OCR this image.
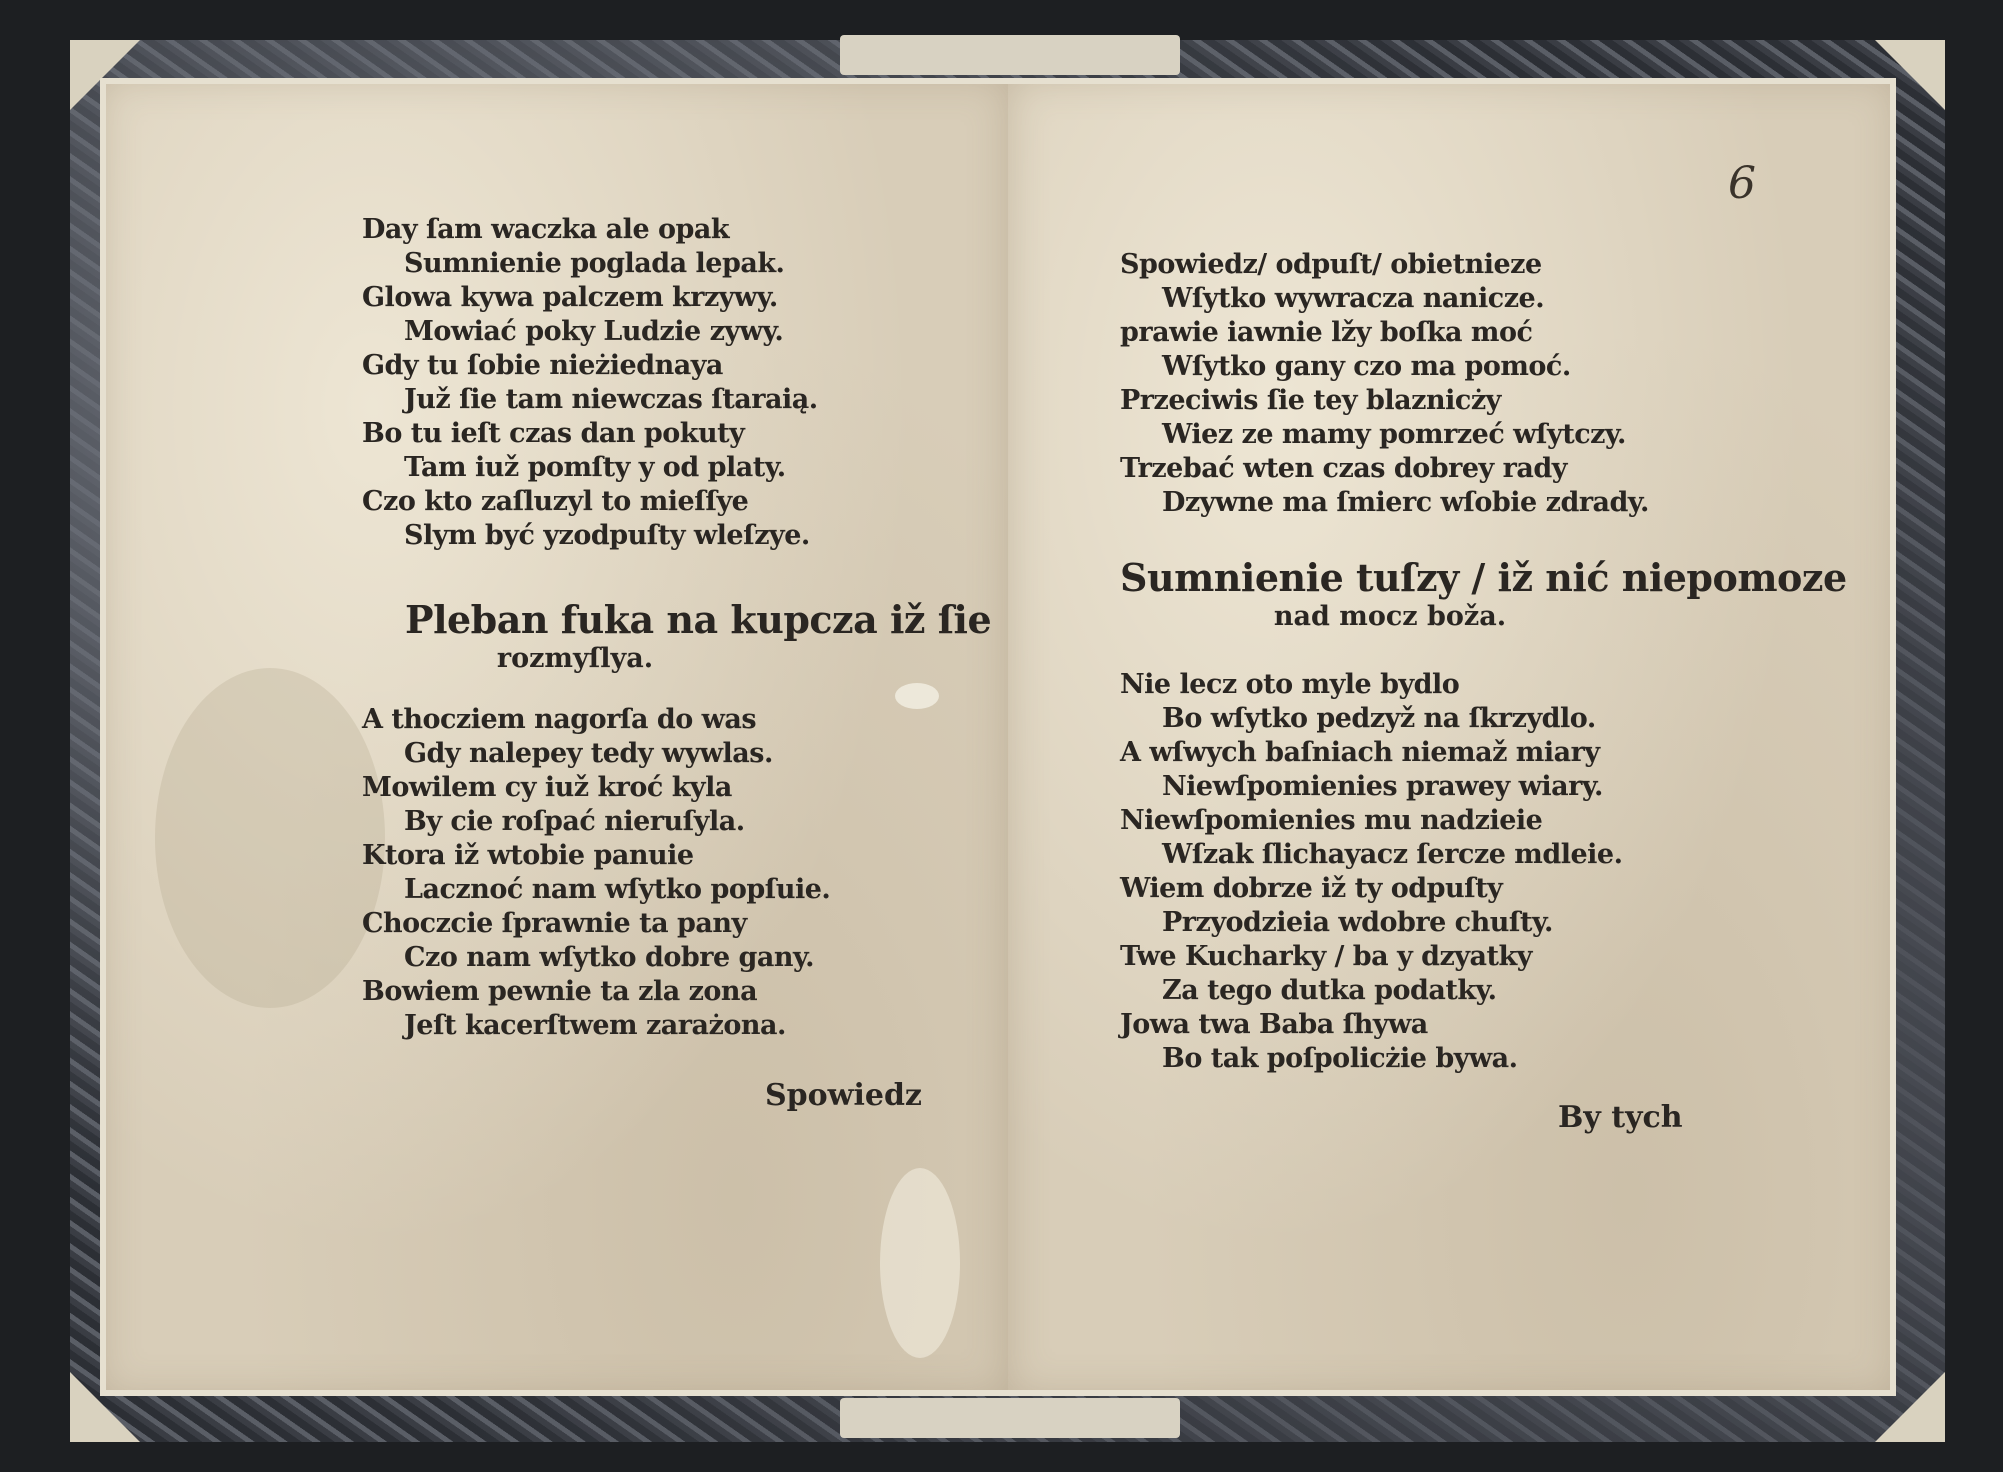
Day ſam waczka ale opak
Sumnienie poglada lepak.
Glowa kywa palczem krzywy.
Mowiać poky Ludzie zywy.
Gdy tu ſobie nieżiednaya
Juž ſie tam niewczas ſtaraią.
Bo tu ieſt czas dan pokuty
Tam iuž pomſty y od platy.
Czo kto zaſluzyl to mieſſye
Slym być yzodpuſty wleſzye.
Pleban fuka na kupcza iž ſie
rozmyſlya.
A thocziem nagorſa do was
Gdy nalepey tedy wywlas.
Mowilem cy iuž kroć kyla
By cie roſpać nieruſyla.
Ktora iž wtobie panuie
Lacznoć nam wſytko popſuie.
Choczcie ſprawnie ta pany
Czo nam wſytko dobre gany.
Bowiem pewnie ta zla zona
Jeſt kacerſtwem zarażona.
Spowiedz
6
Spowiedz/ odpuſt/ obietnieze
Wſytko wywracza nanicze.
prawie iawnie lžy boſka moć
Wſytko gany czo ma pomoć.
Przeciwis ſie tey blaznicży
Wiez ze mamy pomrzeć wſytczy.
Trzebać wten czas dobrey rady
Dzywne ma ſmierc wſobie zdrady.
Sumnienie tuſzy / iž nić niepomoze
nad mocz boža.
Nie lecz oto myle bydlo
Bo wſytko pedzyž na ſkrzydlo.
A wſwych baſniach niemaž miary
Niewſpomienies prawey wiary.
Niewſpomienies mu nadzieie
Wſzak ſlichayacz ſercze mdleie.
Wiem dobrze iž ty odpuſty
Przyodzieia wdobre chuſty.
Twe Kucharky / ba y dzyatky
Za tego dutka podatky.
Jowa twa Baba ſhywa
Bo tak poſpolicżie bywa.
By tych
